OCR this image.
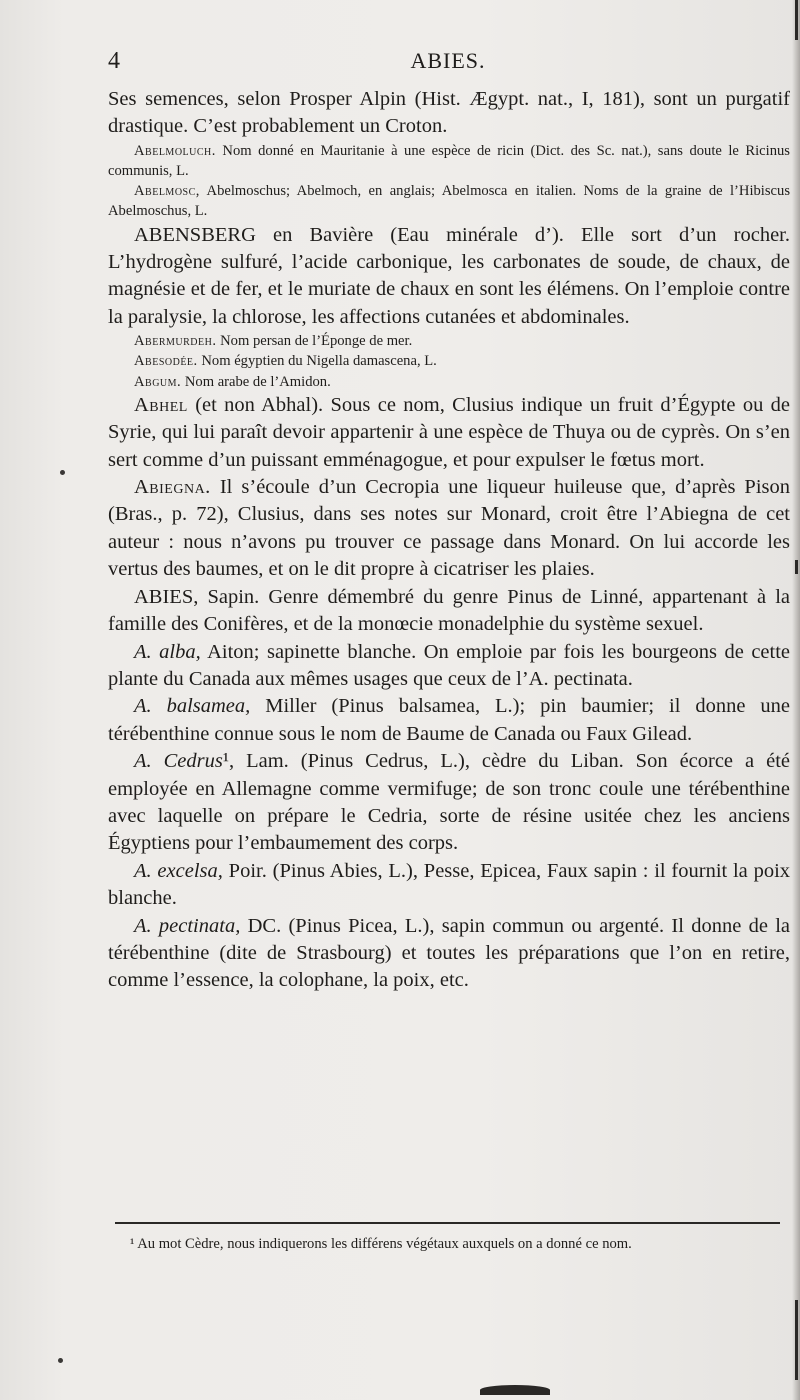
4	ABIES.

Ses semences, selon Prosper Alpin (Hist. Ægypt. nat., I, 181), sont un purgatif drastique. C’est probablement un Croton.

Abelmoluch. Nom donné en Mauritanie à une espèce de ricin (Dict. des Sc. nat.), sans doute le Ricinus communis, L.

Abelmosc, Abelmoschus; Abelmoch, en anglais; Abelmosca en italien. Noms de la graine de l’Hibiscus Abelmoschus, L.

ABENSBERG en Bavière (Eau minérale d’). Elle sort d’un rocher. L’hydrogène sulfuré, l’acide carbonique, les carbonates de soude, de chaux, de magnésie et de fer, et le muriate de chaux en sont les élémens. On l’emploie contre la paralysie, la chlorose, les affections cutanées et abdominales.

Abermurdeh. Nom persan de l’Éponge de mer.

Abesodée. Nom égyptien du Nigella damascena, L.

Abgum. Nom arabe de l’Amidon.

Abhel (et non Abhal). Sous ce nom, Clusius indique un fruit d’Égypte ou de Syrie, qui lui paraît devoir appartenir à une espèce de Thuya ou de cyprès. On s’en sert comme d’un puissant emménagogue, et pour expulser le fœtus mort.

Abiegna. Il s’écoule d’un Cecropia une liqueur huileuse que, d’après Pison (Bras., p. 72), Clusius, dans ses notes sur Monard, croit être l’Abiegna de cet auteur : nous n’avons pu trouver ce passage dans Monard. On lui accorde les vertus des baumes, et on le dit propre à cicatriser les plaies.

ABIES, Sapin. Genre démembré du genre Pinus de Linné, appartenant à la famille des Conifères, et de la monœcie monadelphie du système sexuel.

A. alba, Aiton; sapinette blanche. On emploie par fois les bourgeons de cette plante du Canada aux mêmes usages que ceux de l’A. pectinata.

A. balsamea, Miller (Pinus balsamea, L.); pin baumier; il donne une térébenthine connue sous le nom de Baume de Canada ou Faux Gilead.

A. Cedrus¹, Lam. (Pinus Cedrus, L.), cèdre du Liban. Son écorce a été employée en Allemagne comme vermifuge; de son tronc coule une térébenthine avec laquelle on prépare le Cedria, sorte de résine usitée chez les anciens Égyptiens pour l’embaumement des corps.

A. excelsa, Poir. (Pinus Abies, L.), Pesse, Epicea, Faux sapin : il fournit la poix blanche.

A. pectinata, DC. (Pinus Picea, L.), sapin commun ou argenté. Il donne de la térébenthine (dite de Strasbourg) et toutes les préparations que l’on en retire, comme l’essence, la colophane, la poix, etc.

¹ Au mot Cèdre, nous indiquerons les différens végétaux auxquels on a donné ce nom.
